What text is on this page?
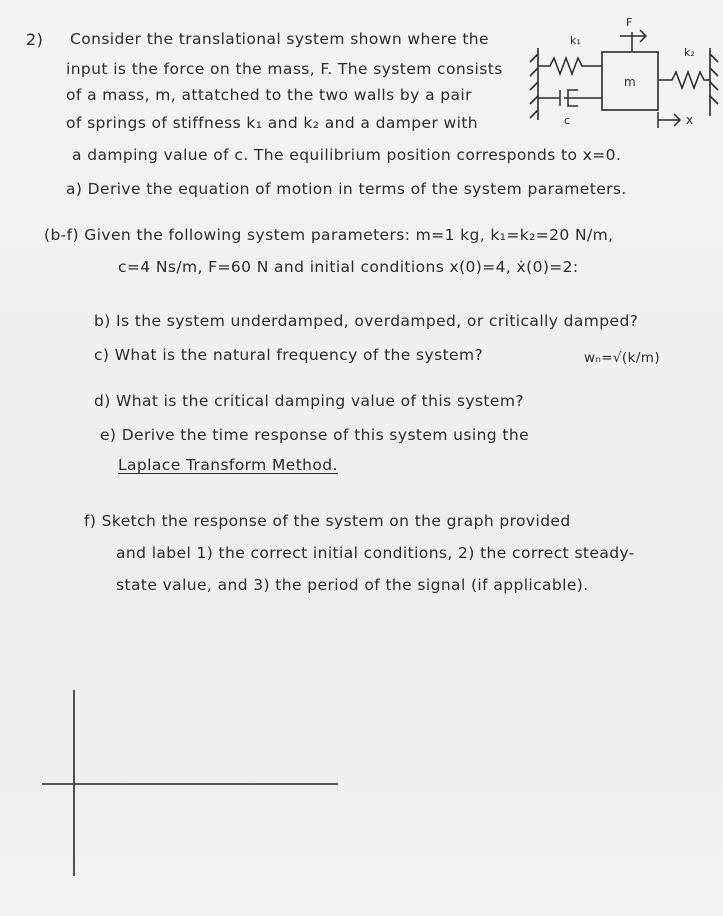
2) Consider the translational system shown where the
input is the force on the mass, F. The system consists
of a mass, m, attatched to the two walls by a pair
of springs of stiffness k₁ and k₂ and a damper with
a damping value of c. The equilibrium position corresponds to x=0.
a) Derive the equation of motion in terms of the system parameters.
(b-f) Given the following system parameters: m=1 kg, k₁=k₂=20 N/m,
c=4 Ns/m, F=60 N and initial conditions x(0)=4, ẋ(0)=2:
b) Is the system underdamped, overdamped, or critically damped?
c) What is the natural frequency of the system?	wₙ=√(k/m)
d) What is the critical damping value of this system?
e) Derive the time response of this system using the
Laplace Transform Method.
f) Sketch the response of the system on the graph provided
and label 1) the correct initial conditions, 2) the correct steady-
state value, and 3) the period of the signal (if applicable).
k₁
F
k₂
m
c	x
